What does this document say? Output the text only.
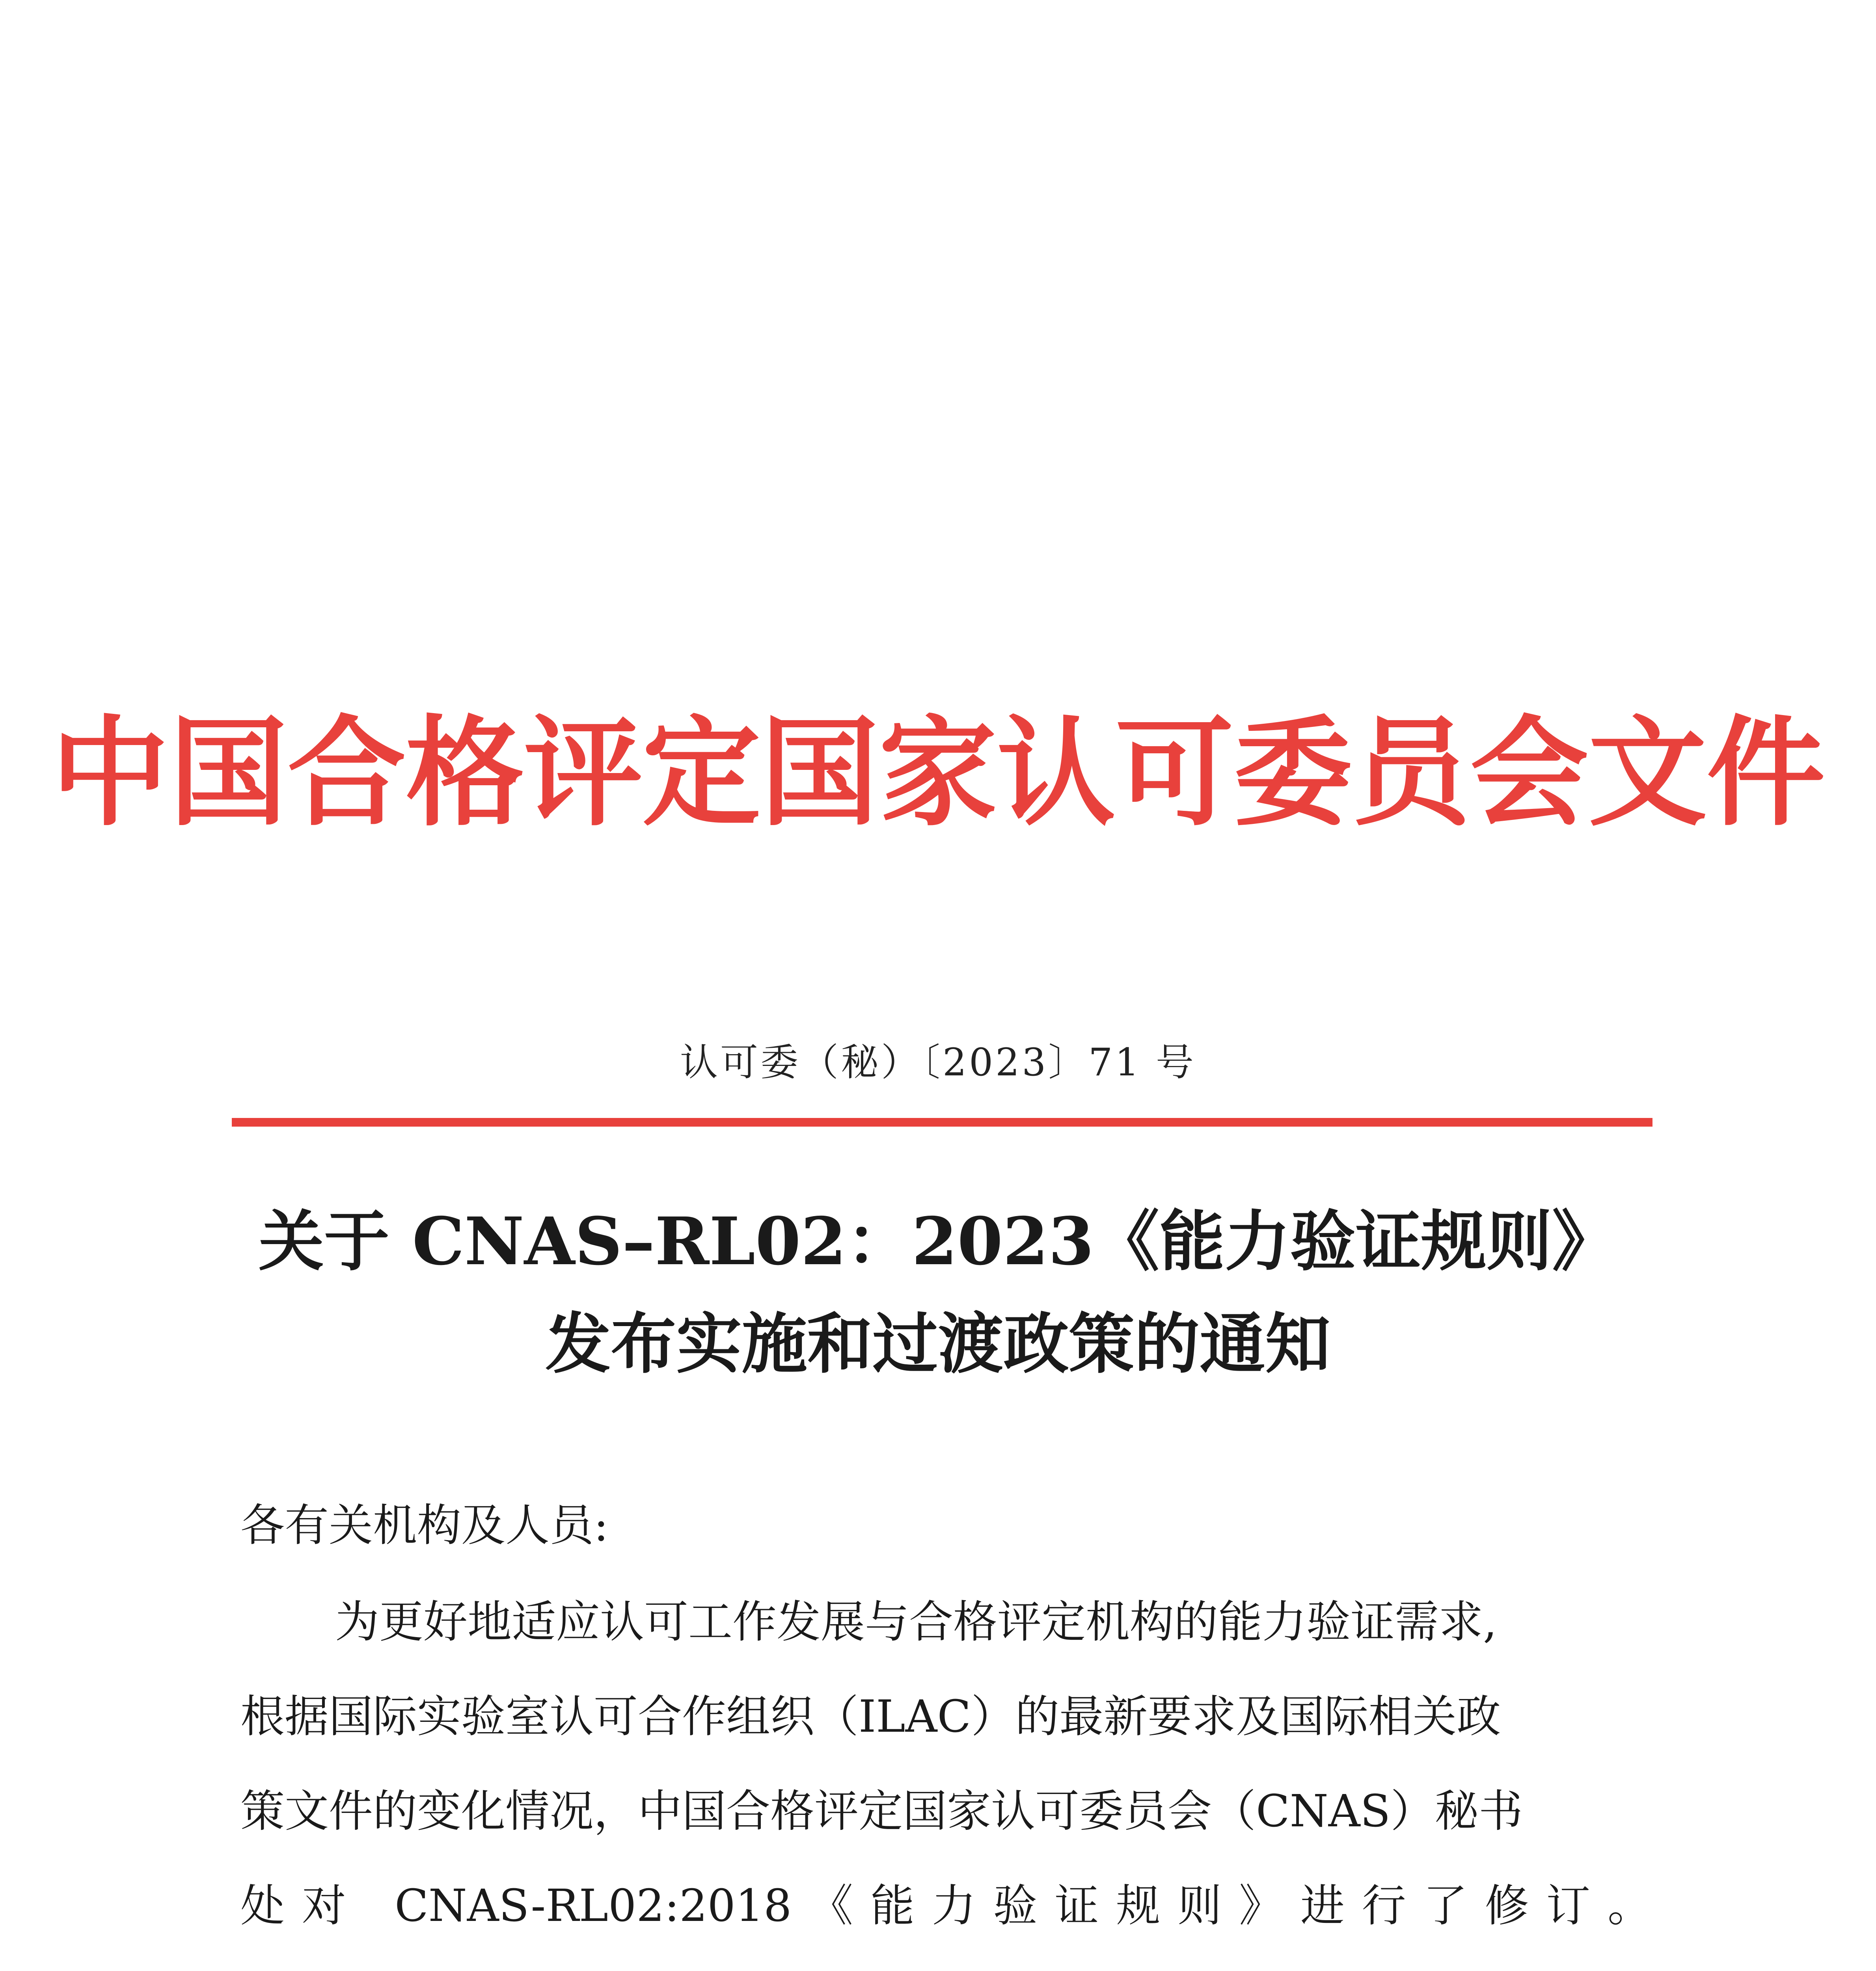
中国合格评定国家认可委员会文件
认可委（秘）〔2023〕71 号
关于 CNAS–RL02：2023《能力验证规则》
发布实施和过渡政策的通知
各有关机构及人员:
为更好地适应认可工作发展与合格评定机构的能力验证需求,
根据国际实验室认可合作组织（ILAC）的最新要求及国际相关政
策文件的变化情况，中国合格评定国家认可委员会（CNAS）秘书
处对 CNAS-RL02:2018《能力验证规则》进行了修订。
